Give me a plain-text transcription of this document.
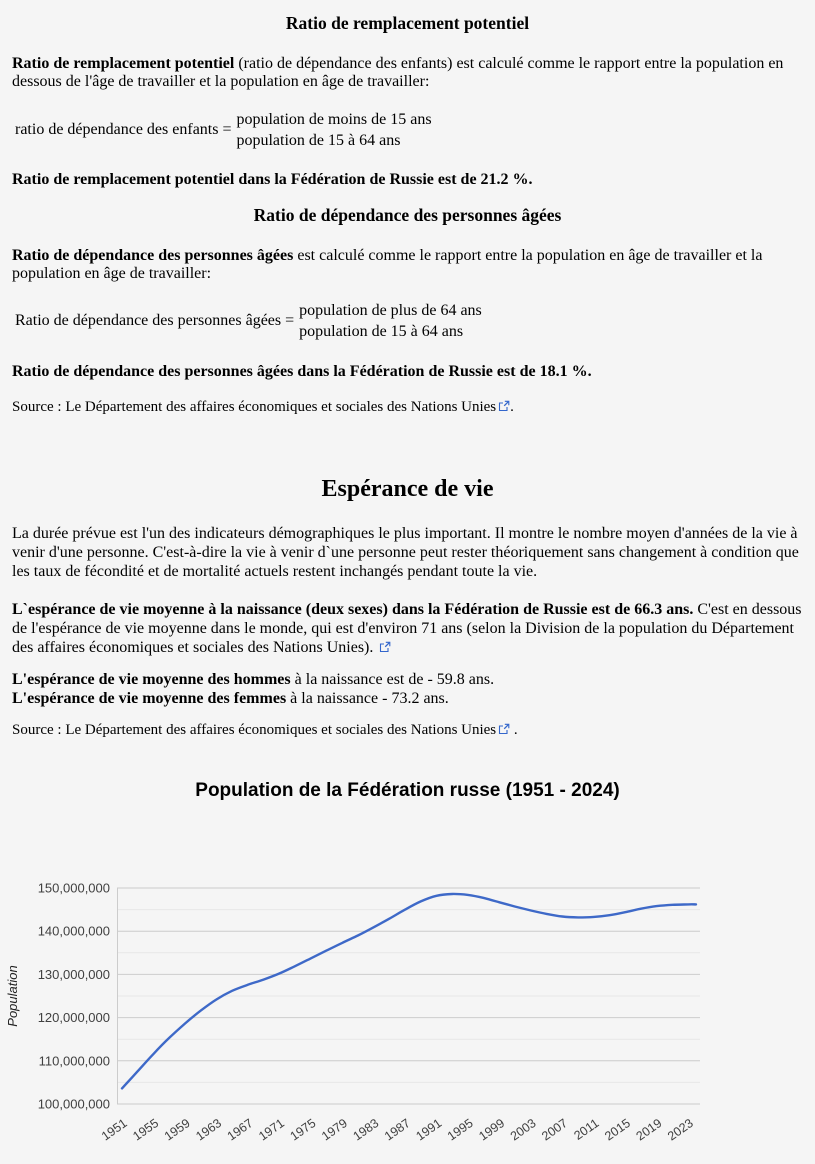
Ratio de remplacement potentiel

Ratio de remplacement potentiel (ratio de dépendance des enfants) est calculé comme le rapport entre la population en dessous de l'âge de travailler et la population en âge de travailler:

ratio de dépendance des enfants =
population de moins de 15 ans
population de 15 à 64 ans

Ratio de remplacement potentiel dans la Fédération de Russie est de 21.2 %.

Ratio de dépendance des personnes âgées

Ratio de dépendance des personnes âgées est calculé comme le rapport entre la population en âge de travailler et la population en âge de travailler:

Ratio de dépendance des personnes âgées =
population de plus de 64 ans
population de 15 à 64 ans

Ratio de dépendance des personnes âgées dans la Fédération de Russie est de 18.1 %.

Source : Le Département des affaires économiques et sociales des Nations Unies .

Espérance de vie

La durée prévue est l'un des indicateurs démographiques le plus important. Il montre le nombre moyen d'années de la vie à venir d'une personne. C'est-à-dire la vie à venir d`une personne peut rester théoriquement sans changement à condition que les taux de fécondité et de mortalité actuels restent inchangés pendant toute la vie.

L`espérance de vie moyenne à la naissance (deux sexes) dans la Fédération de Russie est de 66.3 ans. C'est en dessous de l'espérance de vie moyenne dans le monde, qui est d'environ 71 ans (selon la Division de la population du Département des affaires économiques et sociales des Nations Unies).

L'espérance de vie moyenne des hommes à la naissance est de - 59.8 ans.
L'espérance de vie moyenne des femmes à la naissance - 73.2 ans.

Source : Le Département des affaires économiques et sociales des Nations Unies .

Population de la Fédération russe (1951 - 2024)
100,000,000
110,000,000
120,000,000
130,000,000
140,000,000
150,000,000
1951 1955 1959 1963 1967 1971 1975 1979 1983 1987 1991 1995 1999 2003 2007 2011 2015 2019 2023
Population
